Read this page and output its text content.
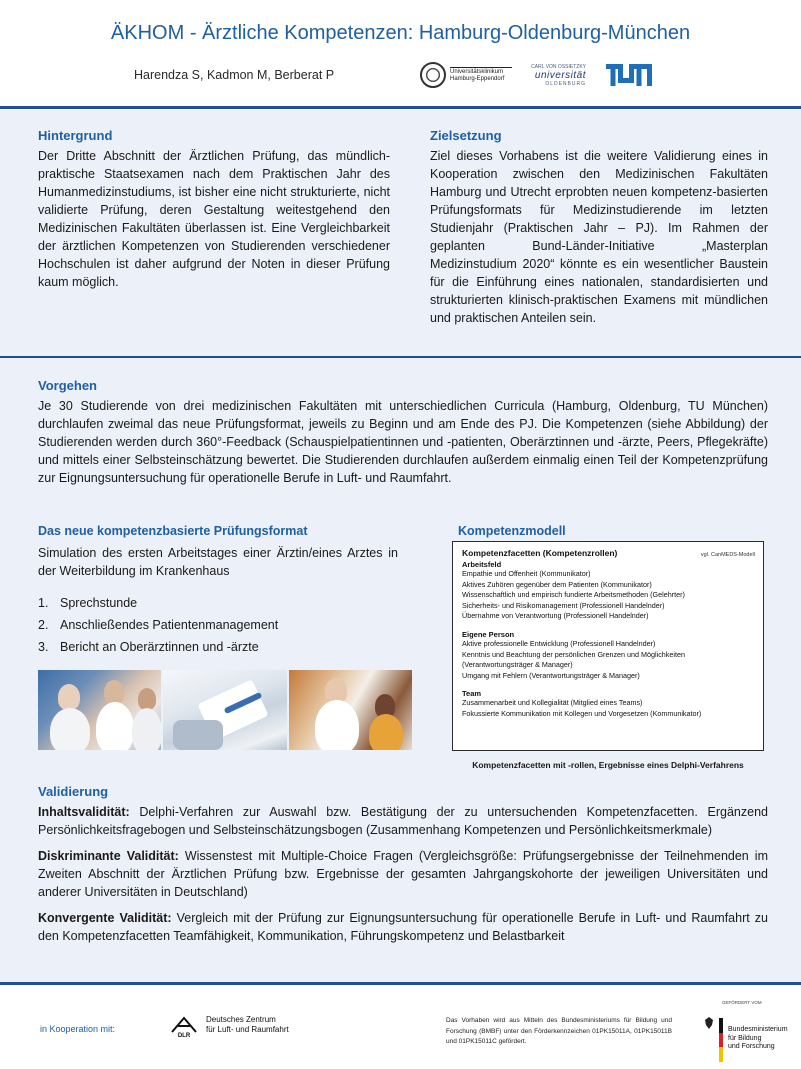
ÄKHOM - Ärztliche Kompetenzen: Hamburg-Oldenburg-München
Harendza S, Kadmon M, Berberat P	Universitätsklinikum Hamburg-Eppendorf
CARL VON OSSIETZKY
universität
OLDENBURG
Hintergrund
Der Dritte Abschnitt der Ärztlichen Prüfung, das mündlich-praktische Staatsexamen nach dem Praktischen Jahr des Humanmedizinstudiums, ist bisher eine nicht strukturierte, nicht validierte Prüfung, deren Gestaltung weitestgehend den Medizinischen Fakultäten überlassen ist. Eine Vergleichbarkeit der ärztlichen Kompetenzen von Studierenden verschiedener Hochschulen ist daher aufgrund der Noten in dieser Prüfung kaum möglich.
Zielsetzung
Ziel dieses Vorhabens ist die weitere Validierung eines in Kooperation zwischen den Medizinischen Fakultäten Hamburg und Utrecht erprobten neuen kompetenz-basierten Prüfungsformats für Medizinstudierende im letzten Studienjahr (Praktischen Jahr – PJ). Im Rahmen der geplanten Bund-Länder-Initiative „Masterplan Medizinstudium 2020“ könnte es ein wesentlicher Baustein für die Einführung eines nationalen, standardisierten und strukturierten klinisch-praktischen Examens mit mündlichen und praktischen Anteilen sein.
Vorgehen
Je 30 Studierende von drei medizinischen Fakultäten mit unterschiedlichen Curricula (Hamburg, Oldenburg, TU München) durchlaufen zweimal das neue Prüfungsformat, jeweils zu Beginn und am Ende des PJ. Die Kompetenzen (siehe Abbildung) der Studierenden werden durch 360°-Feedback (Schauspielpatientinnen und -patienten, Oberärztinnen und -ärzte, Peers, Pflegekräfte) und mittels einer Selbsteinschätzung bewertet. Die Studierenden durchlaufen außerdem einmalig einen Teil der Kompetenzprüfung zur Eignungsuntersuchung für operationelle Berufe in Luft- und Raumfahrt.
Das neue kompetenzbasierte Prüfungsformat
Simulation des ersten Arbeitstages einer Ärztin/eines Arztes in der Weiterbildung im Krankenhaus
1. Sprechstunde
2. Anschließendes Patientenmanagement
3. Bericht an Oberärztinnen und -ärzte
Kompetenzmodell
Kompetenzfacetten (Kompetenzrollen)	vgl. CanMEDS-Modell
Arbeitsfeld
Empathie und Offenheit (Kommunikator)
Aktives Zuhören gegenüber dem Patienten (Kommunikator)
Wissenschaftlich und empirisch fundierte Arbeitsmethoden (Gelehrter)
Sicherheits- und Risikomanagement (Professionell Handelnder)
Übernahme von Verantwortung (Professionell Handelnder)
Eigene Person
Aktive professionelle Entwicklung (Professionell Handelnder)
Kenntnis und Beachtung der persönlichen Grenzen und Möglichkeiten
(Verantwortungsträger & Manager)
Umgang mit Fehlern (Verantwortungsträger & Manager)
Team
Zusammenarbeit und Kollegialität (Mitglied eines Teams)
Fokussierte Kommunikation mit Kollegen und Vorgesetzen (Kommunikator)
Kompetenzfacetten mit -rollen, Ergebnisse eines Delphi-Verfahrens
Validierung
Inhaltsvalidität: Delphi-Verfahren zur Auswahl bzw. Bestätigung der zu untersuchenden Kompetenzfacetten. Ergänzend Persönlichkeitsfragebogen und Selbsteinschätzungsbogen (Zusammenhang Kompetenzen und Persönlichkeitsmerkmale)
Diskriminante Validität: Wissenstest mit Multiple-Choice Fragen (Vergleichsgröße: Prüfungsergebnisse der Teilnehmenden im Zweiten Abschnitt der Ärztlichen Prüfung bzw. Ergebnisse der gesamten Jahrgangskohorte der jeweiligen Universitäten und anderer Universitäten in Deutschland)
Konvergente Validität: Vergleich mit der Prüfung zur Eignungsuntersuchung für operationelle Berufe in Luft- und Raumfahrt zu den Kompetenzfacetten Teamfähigkeit, Kommunikation, Führungskompetenz und Belastbarkeit
in Kooperation mit:
DLR
Deutsches Zentrum
für Luft- und Raumfahrt
Das Vorhaben wird aus Mitteln des Bundesministeriums für Bildung und Forschung (BMBF) unter den Förderkennzeichen 01PK15011A, 01PK15011B und 01PK15011C gefördert.
GEFÖRDERT VOM
Bundesministerium
für Bildung
und Forschung
